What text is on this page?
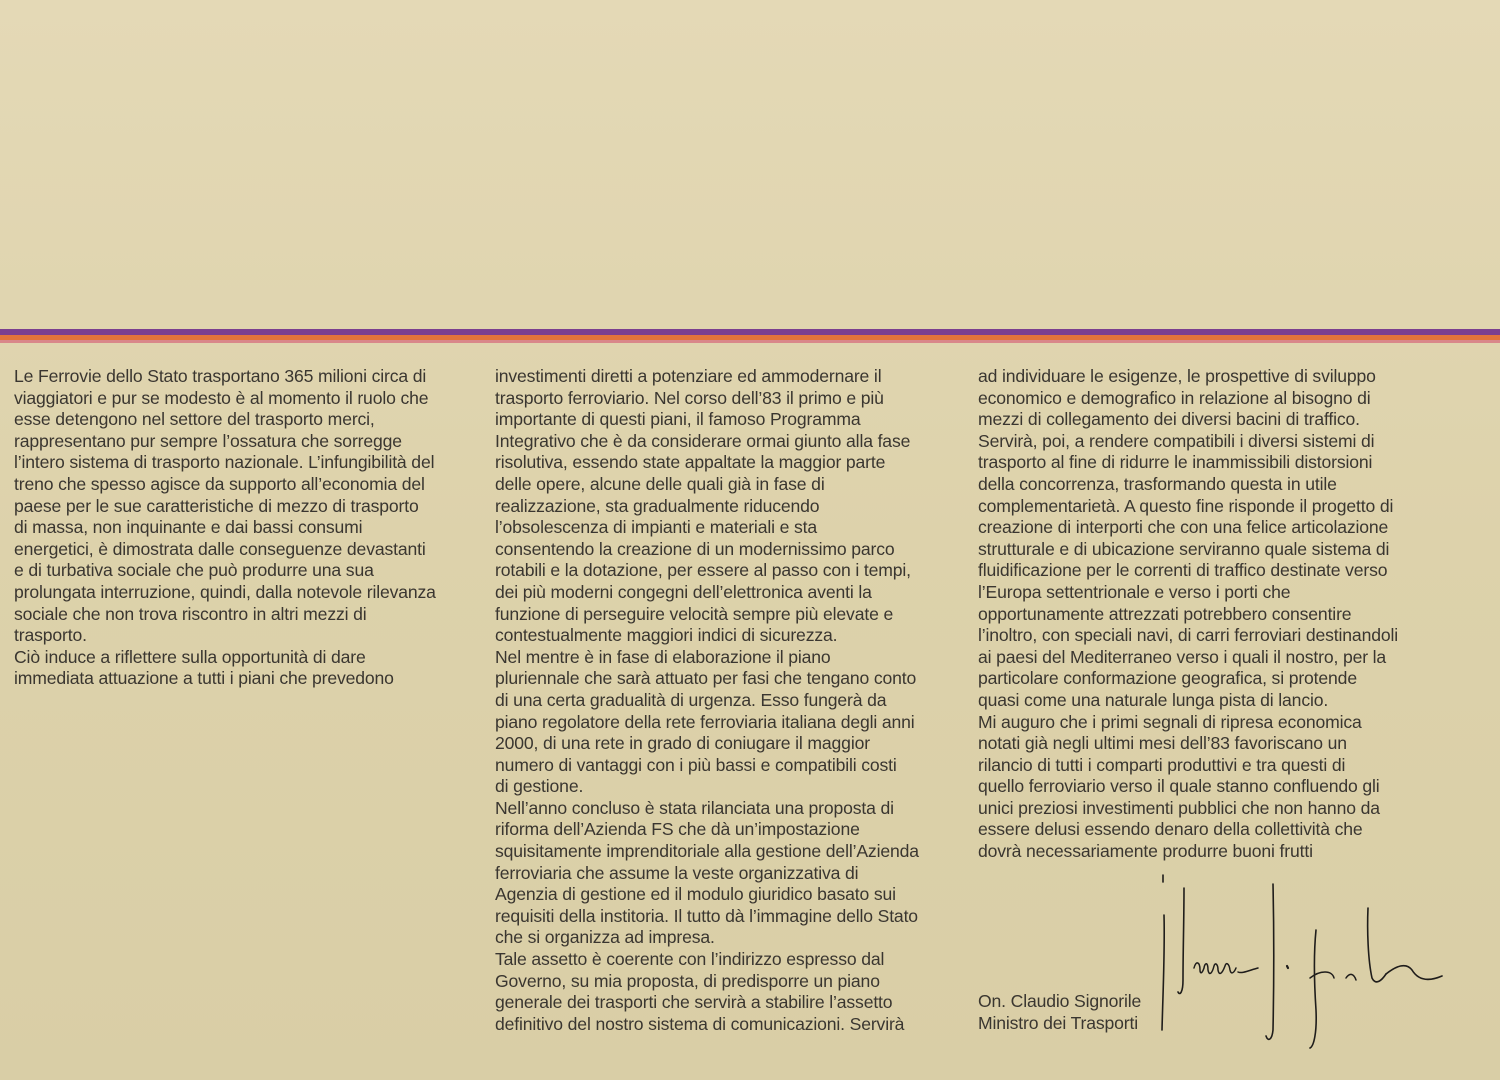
Le Ferrovie dello Stato trasportano 365 milioni circa di
viaggiatori e pur se modesto è al momento il ruolo che
esse detengono nel settore del trasporto merci,
rappresentano pur sempre l’ossatura che sorregge
l’intero sistema di trasporto nazionale. L’infungibilità del
treno che spesso agisce da supporto all’economia del
paese per le sue caratteristiche di mezzo di trasporto
di massa, non inquinante e dai bassi consumi
energetici, è dimostrata dalle conseguenze devastanti
e di turbativa sociale che può produrre una sua
prolungata interruzione, quindi, dalla notevole rilevanza
sociale che non trova riscontro in altri mezzi di
trasporto.
Ciò induce a riflettere sulla opportunità di dare
immediata attuazione a tutti i piani che prevedono
investimenti diretti a potenziare ed ammodernare il
trasporto ferroviario. Nel corso dell’83 il primo e più
importante di questi piani, il famoso Programma
Integrativo che è da considerare ormai giunto alla fase
risolutiva, essendo state appaltate la maggior parte
delle opere, alcune delle quali già in fase di
realizzazione, sta gradualmente riducendo
l’obsolescenza di impianti e materiali e sta
consentendo la creazione di un modernissimo parco
rotabili e la dotazione, per essere al passo con i tempi,
dei più moderni congegni dell’elettronica aventi la
funzione di perseguire velocità sempre più elevate e
contestualmente maggiori indici di sicurezza.
Nel mentre è in fase di elaborazione il piano
pluriennale che sarà attuato per fasi che tengano conto
di una certa gradualità di urgenza. Esso fungerà da
piano regolatore della rete ferroviaria italiana degli anni
2000, di una rete in grado di coniugare il maggior
numero di vantaggi con i più bassi e compatibili costi
di gestione.
Nell’anno concluso è stata rilanciata una proposta di
riforma dell’Azienda FS che dà un’impostazione
squisitamente imprenditoriale alla gestione dell’Azienda
ferroviaria che assume la veste organizzativa di
Agenzia di gestione ed il modulo giuridico basato sui
requisiti della institoria. Il tutto dà l’immagine dello Stato
che si organizza ad impresa.
Tale assetto è coerente con l’indirizzo espresso dal
Governo, su mia proposta, di predisporre un piano
generale dei trasporti che servirà a stabilire l’assetto
definitivo del nostro sistema di comunicazioni. Servirà
ad individuare le esigenze, le prospettive di sviluppo
economico e demografico in relazione al bisogno di
mezzi di collegamento dei diversi bacini di traffico.
Servirà, poi, a rendere compatibili i diversi sistemi di
trasporto al fine di ridurre le inammissibili distorsioni
della concorrenza, trasformando questa in utile
complementarietà. A questo fine risponde il progetto di
creazione di interporti che con una felice articolazione
strutturale e di ubicazione serviranno quale sistema di
fluidificazione per le correnti di traffico destinate verso
l’Europa settentrionale e verso i porti che
opportunamente attrezzati potrebbero consentire
l’inoltro, con speciali navi, di carri ferroviari destinandoli
ai paesi del Mediterraneo verso i quali il nostro, per la
particolare conformazione geografica, si protende
quasi come una naturale lunga pista di lancio.
Mi auguro che i primi segnali di ripresa economica
notati già negli ultimi mesi dell’83 favoriscano un
rilancio di tutti i comparti produttivi e tra questi di
quello ferroviario verso il quale stanno confluendo gli
unici preziosi investimenti pubblici che non hanno da
essere delusi essendo denaro della collettività che
dovrà necessariamente produrre buoni frutti
On. Claudio Signorile
Ministro dei Trasporti
